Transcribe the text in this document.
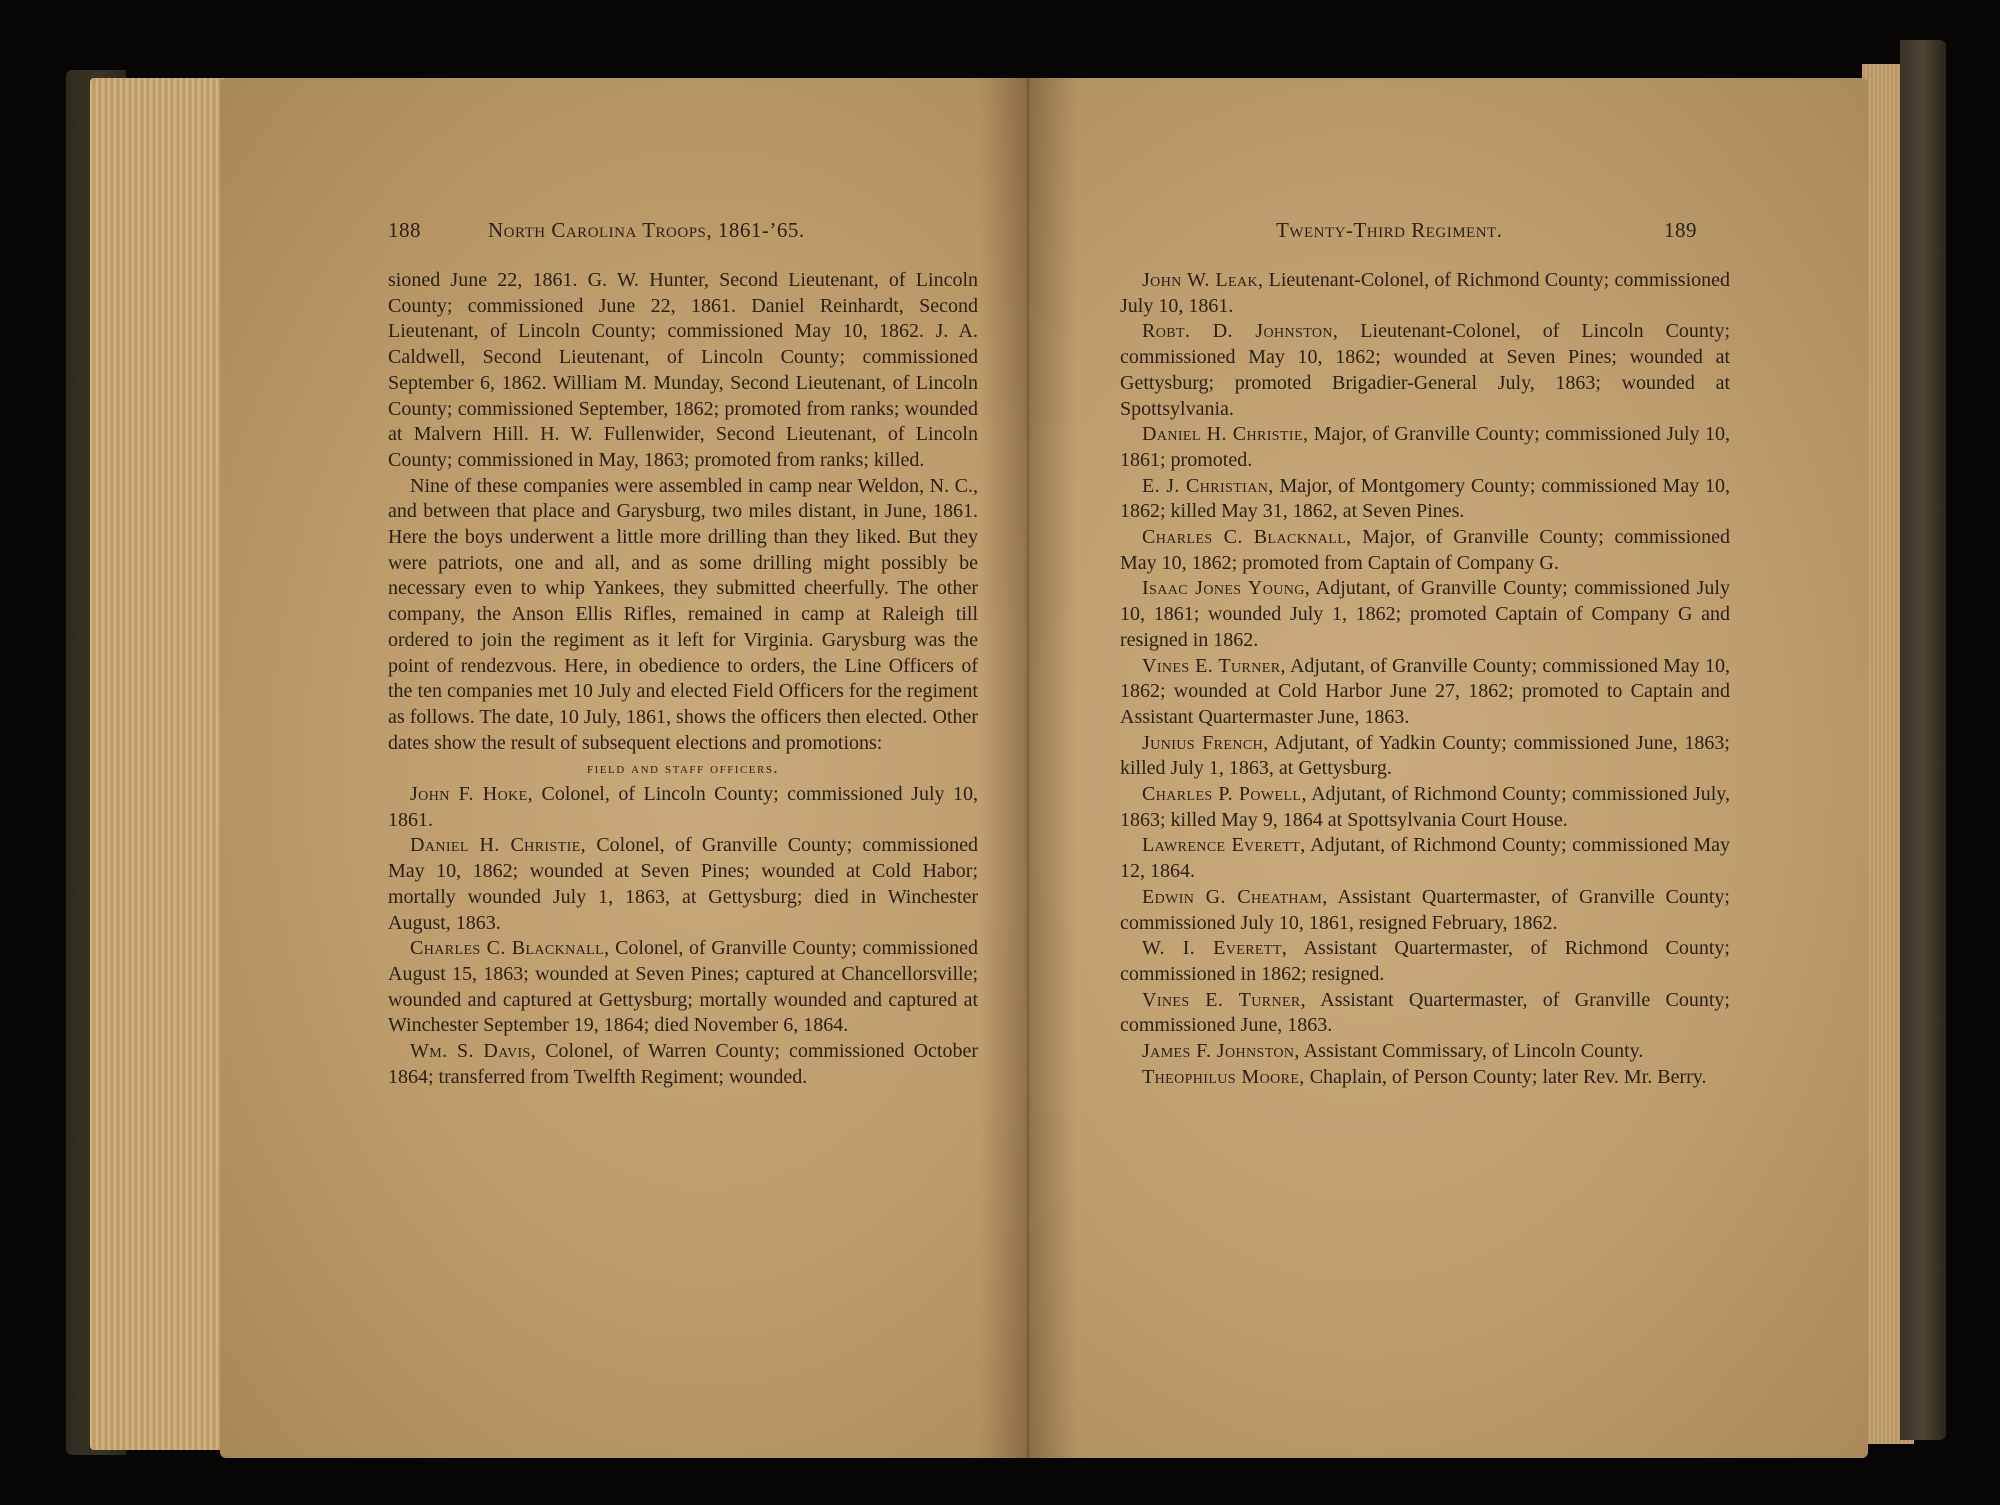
188	North Carolina Troops, 1861-’65.

sioned June 22, 1861. G. W. Hunter, Second Lieutenant, of Lincoln County; commissioned June 22, 1861. Daniel Reinhardt, Second Lieutenant, of Lincoln County; commissioned May 10, 1862. J. A. Caldwell, Second Lieutenant, of Lincoln County; commissioned September 6, 1862. William M. Munday, Second Lieutenant, of Lincoln County; commissioned September, 1862; promoted from ranks; wounded at Malvern Hill. H. W. Fullenwider, Second Lieutenant, of Lincoln County; commissioned in May, 1863; promoted from ranks; killed.

Nine of these companies were assembled in camp near Weldon, N. C., and between that place and Garysburg, two miles distant, in June, 1861. Here the boys underwent a little more drilling than they liked. But they were patriots, one and all, and as some drilling might possibly be necessary even to whip Yankees, they submitted cheerfully. The other company, the Anson Ellis Rifles, remained in camp at Raleigh till ordered to join the regiment as it left for Virginia. Garysburg was the point of rendezvous. Here, in obedience to orders, the Line Officers of the ten companies met 10 July and elected Field Officers for the regiment as follows. The date, 10 July, 1861, shows the officers then elected. Other dates show the result of subsequent elections and promotions:

field and staff officers.

John F. Hoke, Colonel, of Lincoln County; commissioned July 10, 1861.

Daniel H. Christie, Colonel, of Granville County; commissioned May 10, 1862; wounded at Seven Pines; wounded at Cold Habor; mortally wounded July 1, 1863, at Gettysburg; died in Winchester August, 1863.

Charles C. Blacknall, Colonel, of Granville County; commissioned August 15, 1863; wounded at Seven Pines; captured at Chancellorsville; wounded and captured at Gettysburg; mortally wounded and captured at Winchester September 19, 1864; died November 6, 1864.

Wm. S. Davis, Colonel, of Warren County; commissioned October 1864; transferred from Twelfth Regiment; wounded.

Twenty-Third Regiment.	189

John W. Leak, Lieutenant-Colonel, of Richmond County; commissioned July 10, 1861.

Robt. D. Johnston, Lieutenant-Colonel, of Lincoln County; commissioned May 10, 1862; wounded at Seven Pines; wounded at Gettysburg; promoted Brigadier-General July, 1863; wounded at Spottsylvania.

Daniel H. Christie, Major, of Granville County; commissioned July 10, 1861; promoted.

E. J. Christian, Major, of Montgomery County; commissioned May 10, 1862; killed May 31, 1862, at Seven Pines.

Charles C. Blacknall, Major, of Granville County; commissioned May 10, 1862; promoted from Captain of Company G.

Isaac Jones Young, Adjutant, of Granville County; commissioned July 10, 1861; wounded July 1, 1862; promoted Captain of Company G and resigned in 1862.

Vines E. Turner, Adjutant, of Granville County; commissioned May 10, 1862; wounded at Cold Harbor June 27, 1862; promoted to Captain and Assistant Quartermaster June, 1863.

Junius French, Adjutant, of Yadkin County; commissioned June, 1863; killed July 1, 1863, at Gettysburg.

Charles P. Powell, Adjutant, of Richmond County; commissioned July, 1863; killed May 9, 1864 at Spottsylvania Court House.

Lawrence Everett, Adjutant, of Richmond County; commissioned May 12, 1864.

Edwin G. Cheatham, Assistant Quartermaster, of Granville County; commissioned July 10, 1861, resigned February, 1862.

W. I. Everett, Assistant Quartermaster, of Richmond County; commissioned in 1862; resigned.

Vines E. Turner, Assistant Quartermaster, of Granville County; commissioned June, 1863.

James F. Johnston, Assistant Commissary, of Lincoln County.

Theophilus Moore, Chaplain, of Person County; later Rev. Mr. Berry.
